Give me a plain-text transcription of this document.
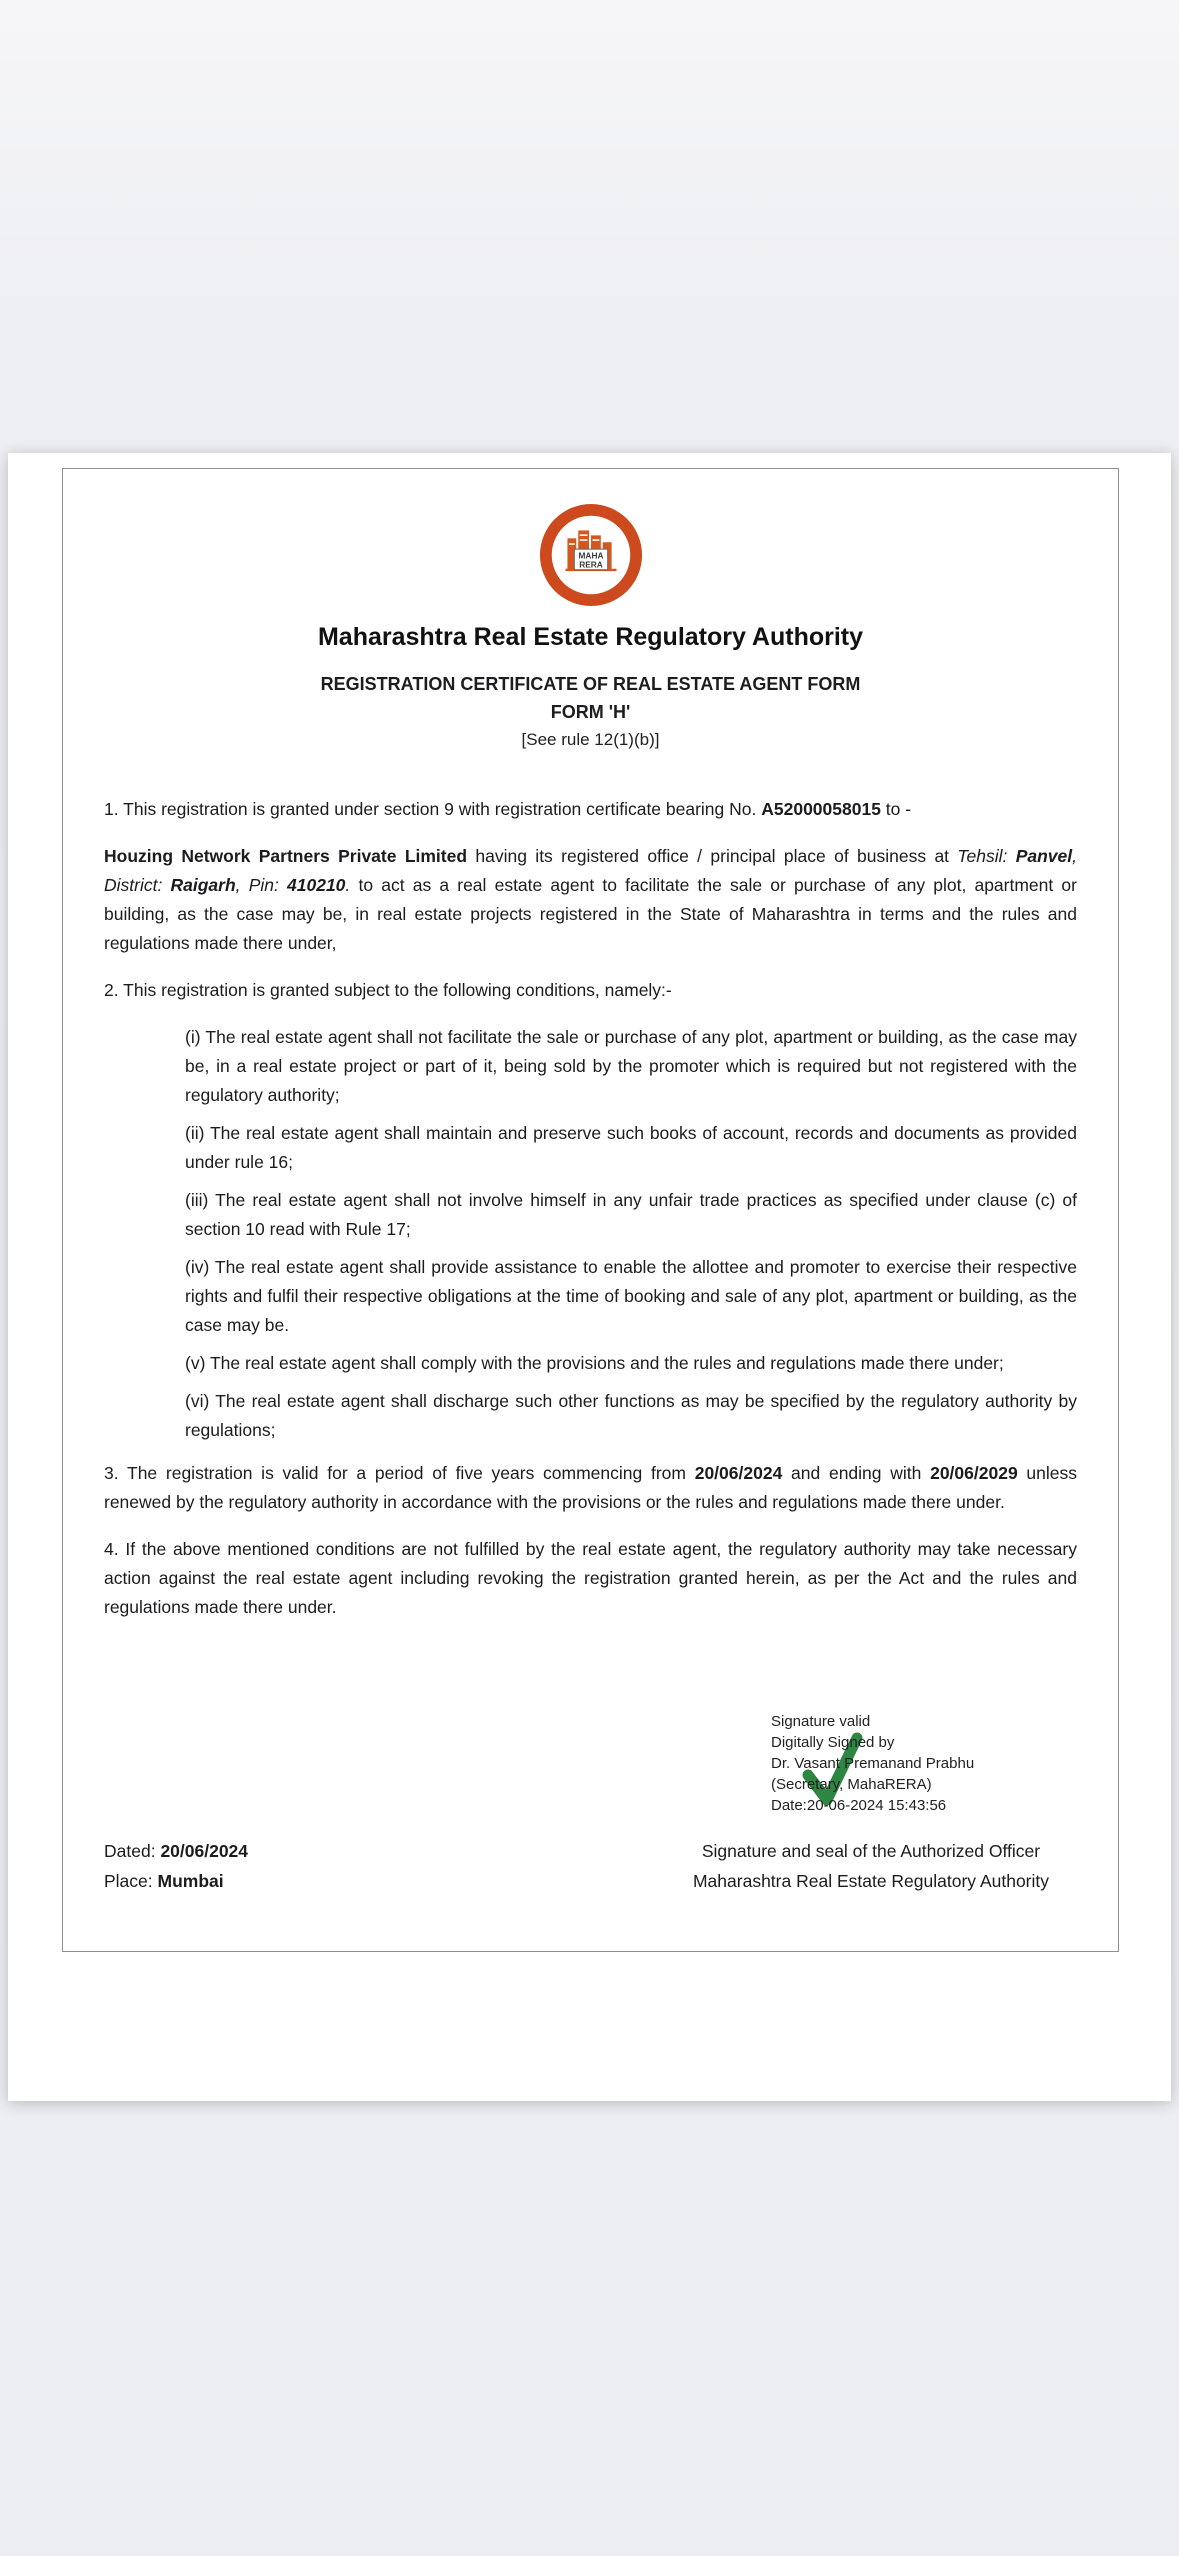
MAHA
RERA
Maharashtra Real Estate Regulatory Authority
REGISTRATION CERTIFICATE OF REAL ESTATE AGENT FORM
FORM 'H'
[See rule 12(1)(b)]

1. This registration is granted under section 9 with registration certificate bearing No. A52000058015 to -

Houzing Network Partners Private Limited having its registered office / principal place of business at Tehsil: Panvel, District: Raigarh, Pin: 410210. to act as a real estate agent to facilitate the sale or purchase of any plot, apartment or building, as the case may be, in real estate projects registered in the State of Maharashtra in terms and the rules and regulations made there under,

2. This registration is granted subject to the following conditions, namely:-

(i) The real estate agent shall not facilitate the sale or purchase of any plot, apartment or building, as the case may be, in a real estate project or part of it, being sold by the promoter which is required but not registered with the regulatory authority;

(ii) The real estate agent shall maintain and preserve such books of account, records and documents as provided under rule 16;

(iii) The real estate agent shall not involve himself in any unfair trade practices as specified under clause (c) of section 10 read with Rule 17;

(iv) The real estate agent shall provide assistance to enable the allottee and promoter to exercise their respective rights and fulfil their respective obligations at the time of booking and sale of any plot, apartment or building, as the case may be.

(v) The real estate agent shall comply with the provisions and the rules and regulations made there under;

(vi) The real estate agent shall discharge such other functions as may be specified by the regulatory authority by regulations;

3. The registration is valid for a period of five years commencing from 20/06/2024 and ending with 20/06/2029 unless renewed by the regulatory authority in accordance with the provisions or the rules and regulations made there under.

4. If the above mentioned conditions are not fulfilled by the real estate agent, the regulatory authority may take necessary action against the real estate agent including revoking the registration granted herein, as per the Act and the rules and regulations made there under.

Signature valid
Digitally Signed by
Dr. Vasant Premanand Prabhu
(Secretary, MahaRERA)
Date:20-06-2024 15:43:56
Dated: 20/06/2024
Place: Mumbai
Signature and seal of the Authorized Officer
Maharashtra Real Estate Regulatory Authority
